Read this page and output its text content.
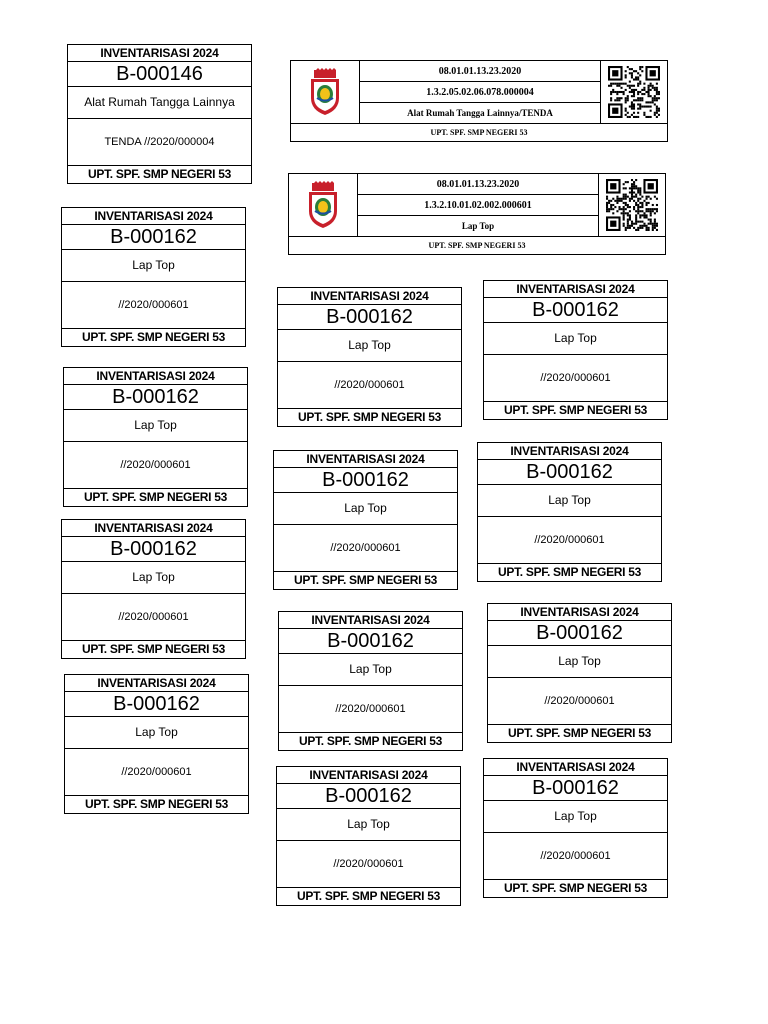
08.01.01.13.23.2020
1.3.2.05.02.06.078.000004
Alat Rumah Tangga Lainnya/TENDA
UPT. SPF. SMP NEGERI 53
08.01.01.13.23.2020
1.3.2.10.01.02.002.000601
Lap Top
UPT. SPF. SMP NEGERI 53
INVENTARISASI 2024
B-000146
Alat Rumah Tangga Lainnya
TENDA //2020/000004
UPT. SPF. SMP NEGERI 53
INVENTARISASI 2024
B-000162
Lap Top
//2020/000601
UPT. SPF. SMP NEGERI 53
INVENTARISASI 2024
B-000162
Lap Top
//2020/000601
UPT. SPF. SMP NEGERI 53
INVENTARISASI 2024
B-000162
Lap Top
//2020/000601
UPT. SPF. SMP NEGERI 53
INVENTARISASI 2024
B-000162
Lap Top
//2020/000601
UPT. SPF. SMP NEGERI 53
INVENTARISASI 2024
B-000162
Lap Top
//2020/000601
UPT. SPF. SMP NEGERI 53
INVENTARISASI 2024
B-000162
Lap Top
//2020/000601
UPT. SPF. SMP NEGERI 53
INVENTARISASI 2024
B-000162
Lap Top
//2020/000601
UPT. SPF. SMP NEGERI 53
INVENTARISASI 2024
B-000162
Lap Top
//2020/000601
UPT. SPF. SMP NEGERI 53
INVENTARISASI 2024
B-000162
Lap Top
//2020/000601
UPT. SPF. SMP NEGERI 53
INVENTARISASI 2024
B-000162
Lap Top
//2020/000601
UPT. SPF. SMP NEGERI 53
INVENTARISASI 2024
B-000162
Lap Top
//2020/000601
UPT. SPF. SMP NEGERI 53
INVENTARISASI 2024
B-000162
Lap Top
//2020/000601
UPT. SPF. SMP NEGERI 53
